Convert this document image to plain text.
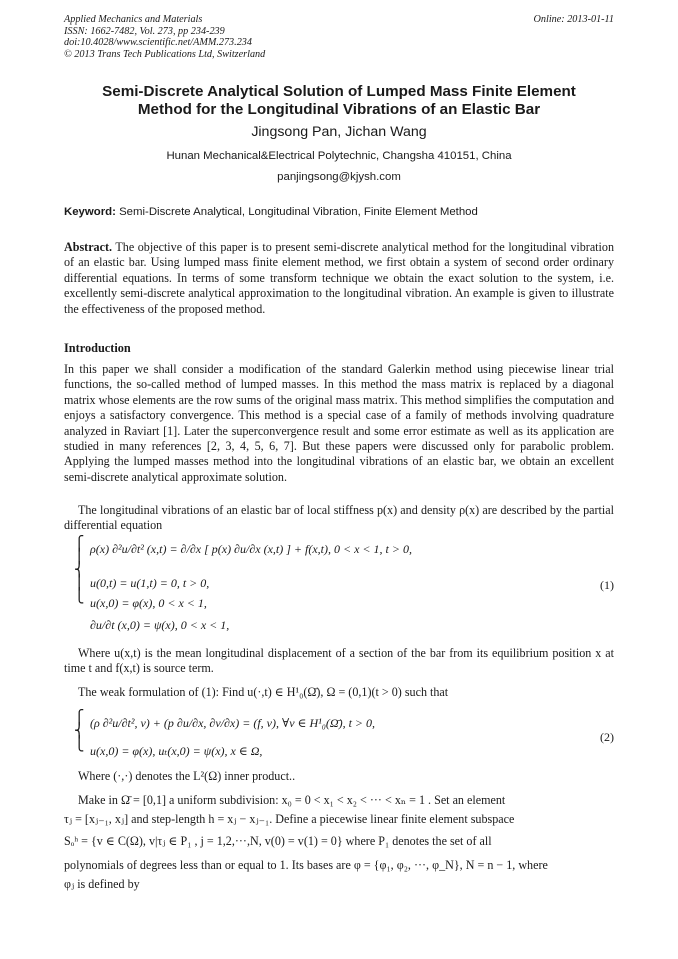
Applied Mechanics and Materials
ISSN: 1662-7482, Vol. 273, pp 234-239
doi:10.4028/www.scientific.net/AMM.273.234
© 2013 Trans Tech Publications Ltd, Switzerland
Online: 2013-01-11
Semi-Discrete Analytical Solution of Lumped Mass Finite Element
Method for the Longitudinal Vibrations of an Elastic Bar
Jingsong Pan, Jichan Wang
Hunan Mechanical&Electrical Polytechnic, Changsha 410151, China
panjingsong@kjysh.com
Keyword: Semi-Discrete Analytical, Longitudinal Vibration, Finite Element Method

Abstract. The objective of this paper is to present semi-discrete analytical method for the longitudinal vibration of an elastic bar. Using lumped mass finite element method, we first obtain a system of second order ordinary differential equations. In terms of some transform technique we obtain the exact solution to the system, i.e. excellently semi-discrete analytical approximation to the longitudinal vibration. An example is given to illustrate the effectiveness of the proposed method.

Introduction

In this paper we shall consider a modification of the standard Galerkin method using piecewise linear trial functions, the so-called method of lumped masses. In this method the mass matrix is replaced by a diagonal matrix whose elements are the row sums of the original mass matrix. This method simplifies the computation and enjoys a satisfactory convergence. This method is a special case of a family of methods involving quadrature analyzed in Raviart [1]. Later the superconvergence result and some error estimate as well as its application are studied in many references [2, 3, 4, 5, 6, 7]. But these papers were discussed only for parabolic problem. Applying the lumped masses method into the longitudinal vibrations of an elastic bar, we obtain an excellent semi-discrete analytical approximate solution.

The longitudinal vibrations of an elastic bar of local stiffness p(x) and density ρ(x) are described by the partial differential equation

⎧
⎪
⎨
⎪
⎩
ρ(x) ∂²u/∂t² (x,t) = ∂/∂x [ p(x) ∂u/∂x (x,t) ] + f(x,t), 0 < x < 1, t > 0,
u(0,t) = u(1,t) = 0, t > 0,
u(x,0) = φ(x), 0 < x < 1,
∂u/∂t (x,0) = ψ(x), 0 < x < 1,
(1)

Where u(x,t) is the mean longitudinal displacement of a section of the bar from its equilibrium position x at time t and f(x,t) is source term.

The weak formulation of (1): Find u(·,t) ∈ H¹₀(Ω̄), Ω = (0,1)(t > 0) such that
⎧
⎨
⎩
(ρ ∂²u/∂t², v) + (p ∂u/∂x, ∂v/∂x) = (f, v), ∀v ∈ H¹₀(Ω̄), t > 0,
u(x,0) = φ(x), uₜ(x,0) = ψ(x), x ∈ Ω,
(2)
Where (·,·) denotes the L²(Ω) inner product..
Make in Ω̄ = [0,1] a uniform subdivision: x₀ = 0 < x₁ < x₂ < ··· < xₙ = 1 . Set an element
τⱼ = [xⱼ₋₁, xⱼ] and step-length h = xⱼ − xⱼ₋₁. Define a piecewise linear finite element subspace
Sₒʰ = {v ∈ C(Ω), v|τⱼ ∈ P₁ , j = 1,2,···,N, v(0) = v(1) = 0} where P₁ denotes the set of all
polynomials of degrees less than or equal to 1. Its bases are φ = {φ₁, φ₂, ···, φ_N}, N = n − 1, where
φⱼ is defined by
